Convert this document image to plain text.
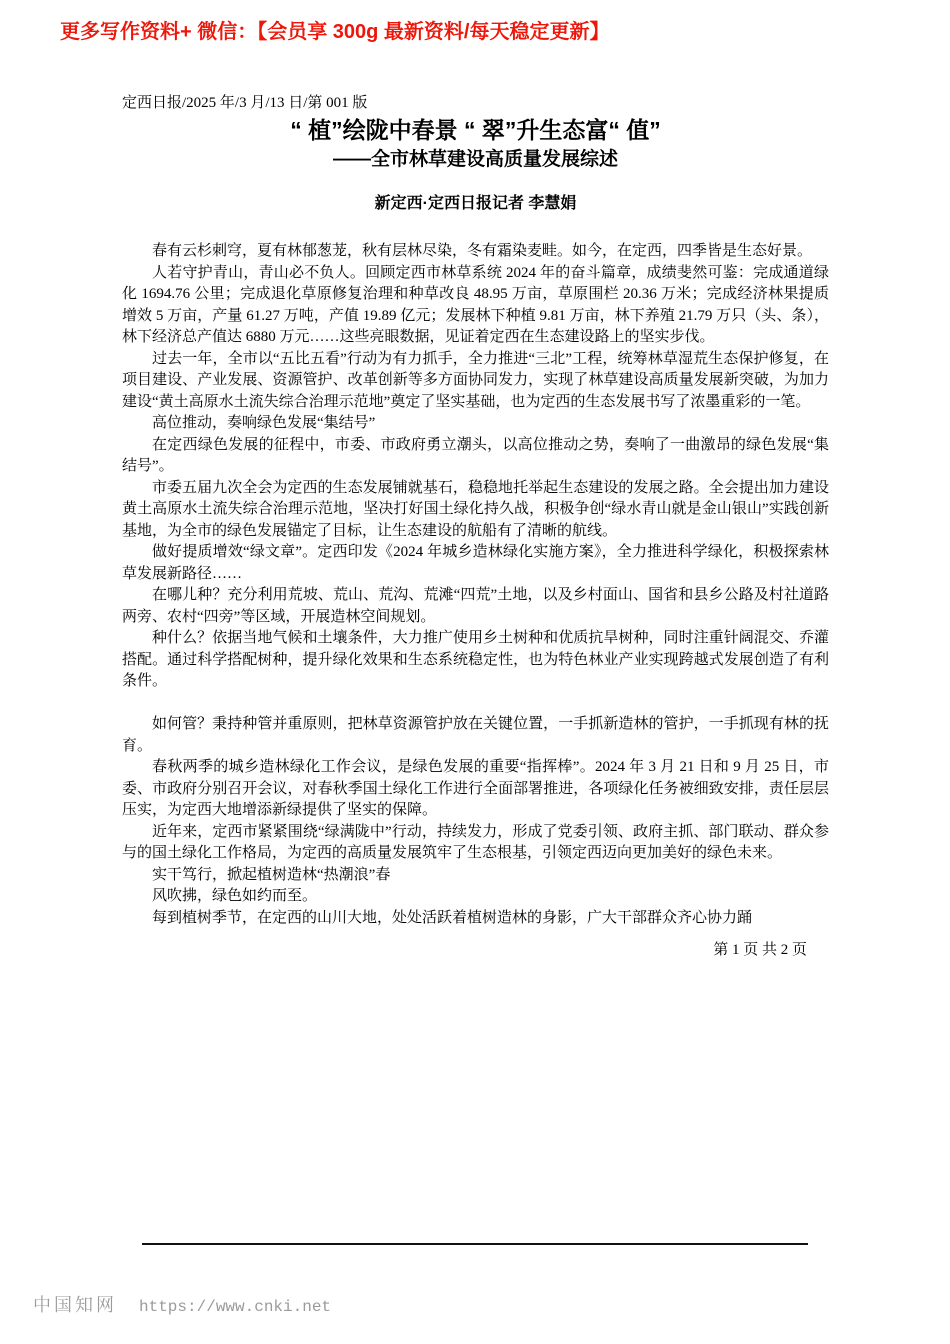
更多写作资料+ 微信：【会员享 300g 最新资料/每天稳定更新】
定西日报/2025 年/3 月/13 日/第 001 版
“ 植”绘陇中春景 “ 翠”升生态富“ 值”
——全市林草建设高质量发展综述
新定西·定西日报记者 李慧娟

春有云杉刺穹，夏有林郁葱茏，秋有层林尽染，冬有霜染麦畦。如今，在定西，四季皆是生态好景。

人若守护青山，青山必不负人。回顾定西市林草系统 2024 年的奋斗篇章，成绩斐然可鉴：完成通道绿化 1694.76 公里；完成退化草原修复治理和种草改良 48.95 万亩，草原围栏 20.36 万米；完成经济林果提质增效 5 万亩，产量 61.27 万吨，产值 19.89 亿元；发展林下种植 9.81 万亩，林下养殖 21.79 万只（头、条），林下经济总产值达 6880 万元……这些亮眼数据，见证着定西在生态建设路上的坚实步伐。

过去一年，全市以“五比五看”行动为有力抓手，全力推进“三北”工程，统筹林草湿荒生态保护修复，在项目建设、产业发展、资源管护、改革创新等多方面协同发力，实现了林草建设高质量发展新突破，为加力建设“黄土高原水土流失综合治理示范地”奠定了坚实基础，也为定西的生态发展书写了浓墨重彩的一笔。

高位推动，奏响绿色发展“集结号”

在定西绿色发展的征程中，市委、市政府勇立潮头，以高位推动之势，奏响了一曲激昂的绿色发展“集结号”。

市委五届九次全会为定西的生态发展铺就基石，稳稳地托举起生态建设的发展之路。全会提出加力建设黄土高原水土流失综合治理示范地，坚决打好国土绿化持久战，积极争创“绿水青山就是金山银山”实践创新基地，为全市的绿色发展锚定了目标，让生态建设的航船有了清晰的航线。

做好提质增效“绿文章”。定西印发《2024 年城乡造林绿化实施方案》，全力推进科学绿化，积极探索林草发展新路径……

在哪儿种？充分利用荒坡、荒山、荒沟、荒滩“四荒”土地，以及乡村面山、国省和县乡公路及村社道路两旁、农村“四旁”等区域，开展造林空间规划。

种什么？依据当地气候和土壤条件，大力推广使用乡土树种和优质抗旱树种，同时注重针阔混交、乔灌搭配。通过科学搭配树种，提升绿化效果和生态系统稳定性，也为特色林业产业实现跨越式发展创造了有利条件。

如何管？秉持种管并重原则，把林草资源管护放在关键位置，一手抓新造林的管护，一手抓现有林的抚育。

春秋两季的城乡造林绿化工作会议，是绿色发展的重要“指挥棒”。2024 年 3 月 21 日和 9 月 25 日，市委、市政府分别召开会议，对春秋季国土绿化工作进行全面部署推进，各项绿化任务被细致安排，责任层层压实，为定西大地增添新绿提供了坚实的保障。

近年来，定西市紧紧围绕“绿满陇中”行动，持续发力，形成了党委引领、政府主抓、部门联动、群众参与的国土绿化工作格局，为定西的高质量发展筑牢了生态根基，引领定西迈向更加美好的绿色未来。

实干笃行，掀起植树造林“热潮浪”春

风吹拂，绿色如约而至。

每到植树季节，在定西的山川大地，处处活跃着植树造林的身影，广大干部群众齐心协力踊

第 1 页 共 2 页
中国知网 https://www.cnki.net
